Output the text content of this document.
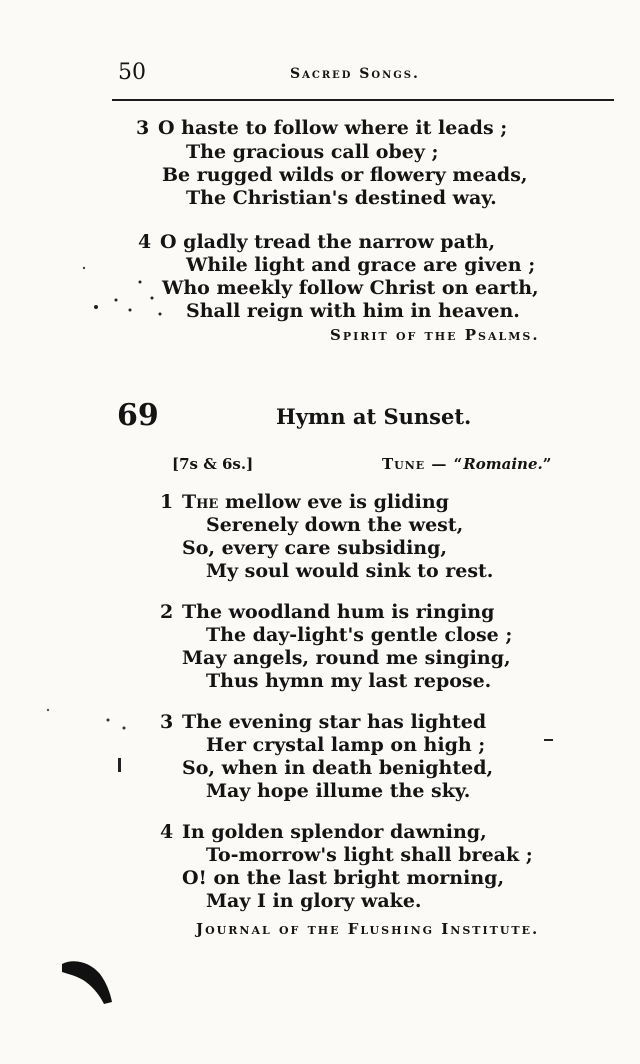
50	Sacred Songs.
3 O haste to follow where it leads ;
The gracious call obey ;
Be rugged wilds or flowery meads,
The Christian's destined way.
4 O gladly tread the narrow path,
While light and grace are given ;
Who meekly follow Christ on earth,
Shall reign with him in heaven.
Spirit of the Psalms.
69	Hymn at Sunset.
[7s & 6s.]	Tune — “Romaine.”
1 The mellow eve is gliding
Serenely down the west,
So, every care subsiding,
My soul would sink to rest.
2 The woodland hum is ringing
The day-light's gentle close ;
May angels, round me singing,
Thus hymn my last repose.
3 The evening star has lighted
Her crystal lamp on high ;
So, when in death benighted,
May hope illume the sky.
4 In golden splendor dawning,
To-morrow's light shall break ;
O! on the last bright morning,
May I in glory wake.
Journal of the Flushing Institute.
